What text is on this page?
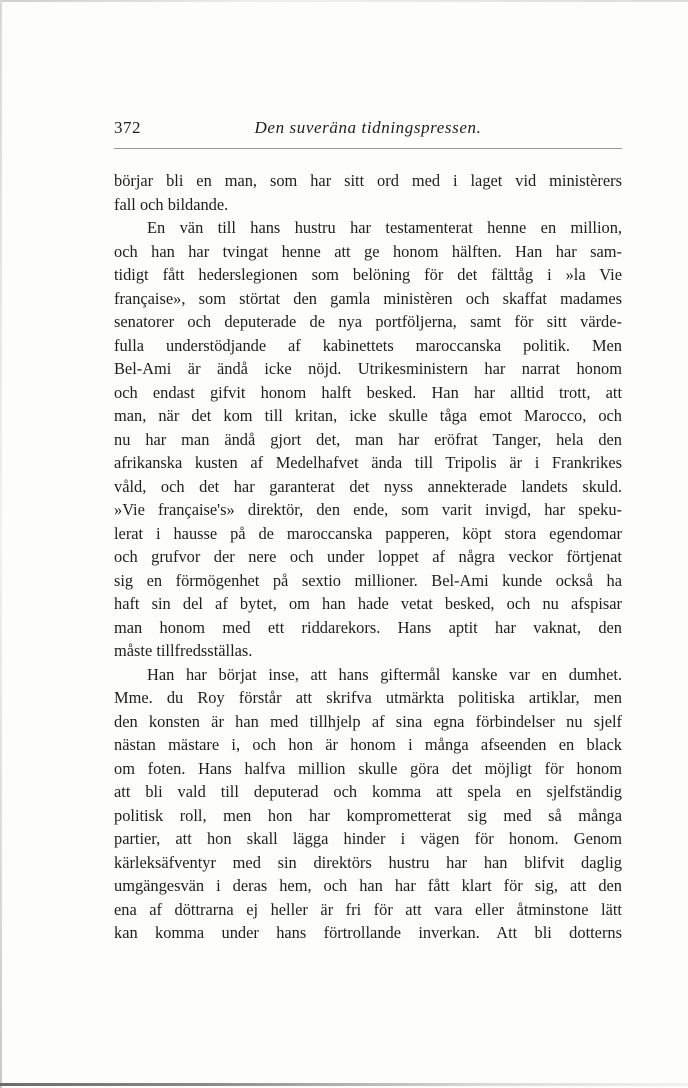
372	Den suveräna tidningspressen.
börjar bli en man, som har sitt ord med i laget vid ministèrers
fall och bildande.
En vän till hans hustru har testamenterat henne en million,
och han har tvingat henne att ge honom hälften. Han har sam-
tidigt fått hederslegionen som belöning för det fälttåg i »la Vie
française», som störtat den gamla ministèren och skaffat madames
senatorer och deputerade de nya portföljerna, samt för sitt värde-
fulla understödjande af kabinettets maroccanska politik. Men
Bel-Ami är ändå icke nöjd. Utrikesministern har narrat honom
och endast gifvit honom halft besked. Han har alltid trott, att
man, när det kom till kritan, icke skulle tåga emot Marocco, och
nu har man ändå gjort det, man har eröfrat Tanger, hela den
afrikanska kusten af Medelhafvet ända till Tripolis är i Frankrikes
våld, och det har garanterat det nyss annekterade landets skuld.
»Vie française's» direktör, den ende, som varit invigd, har speku-
lerat i hausse på de maroccanska papperen, köpt stora egendomar
och grufvor der nere och under loppet af några veckor förtjenat
sig en förmögenhet på sextio millioner. Bel-Ami kunde också ha
haft sin del af bytet, om han hade vetat besked, och nu afspisar
man honom med ett riddarekors. Hans aptit har vaknat, den
måste tillfredsställas.
Han har börjat inse, att hans giftermål kanske var en dumhet.
Mme. du Roy förstår att skrifva utmärkta politiska artiklar, men
den konsten är han med tillhjelp af sina egna förbindelser nu sjelf
nästan mästare i, och hon är honom i många afseenden en black
om foten. Hans halfva million skulle göra det möjligt för honom
att bli vald till deputerad och komma att spela en sjelfständig
politisk roll, men hon har komprometterat sig med så många
partier, att hon skall lägga hinder i vägen för honom. Genom
kärleksäfventyr med sin direktörs hustru har han blifvit daglig
umgängesvän i deras hem, och han har fått klart för sig, att den
ena af döttrarna ej heller är fri för att vara eller åtminstone lätt
kan komma under hans förtrollande inverkan. Att bli dotterns
